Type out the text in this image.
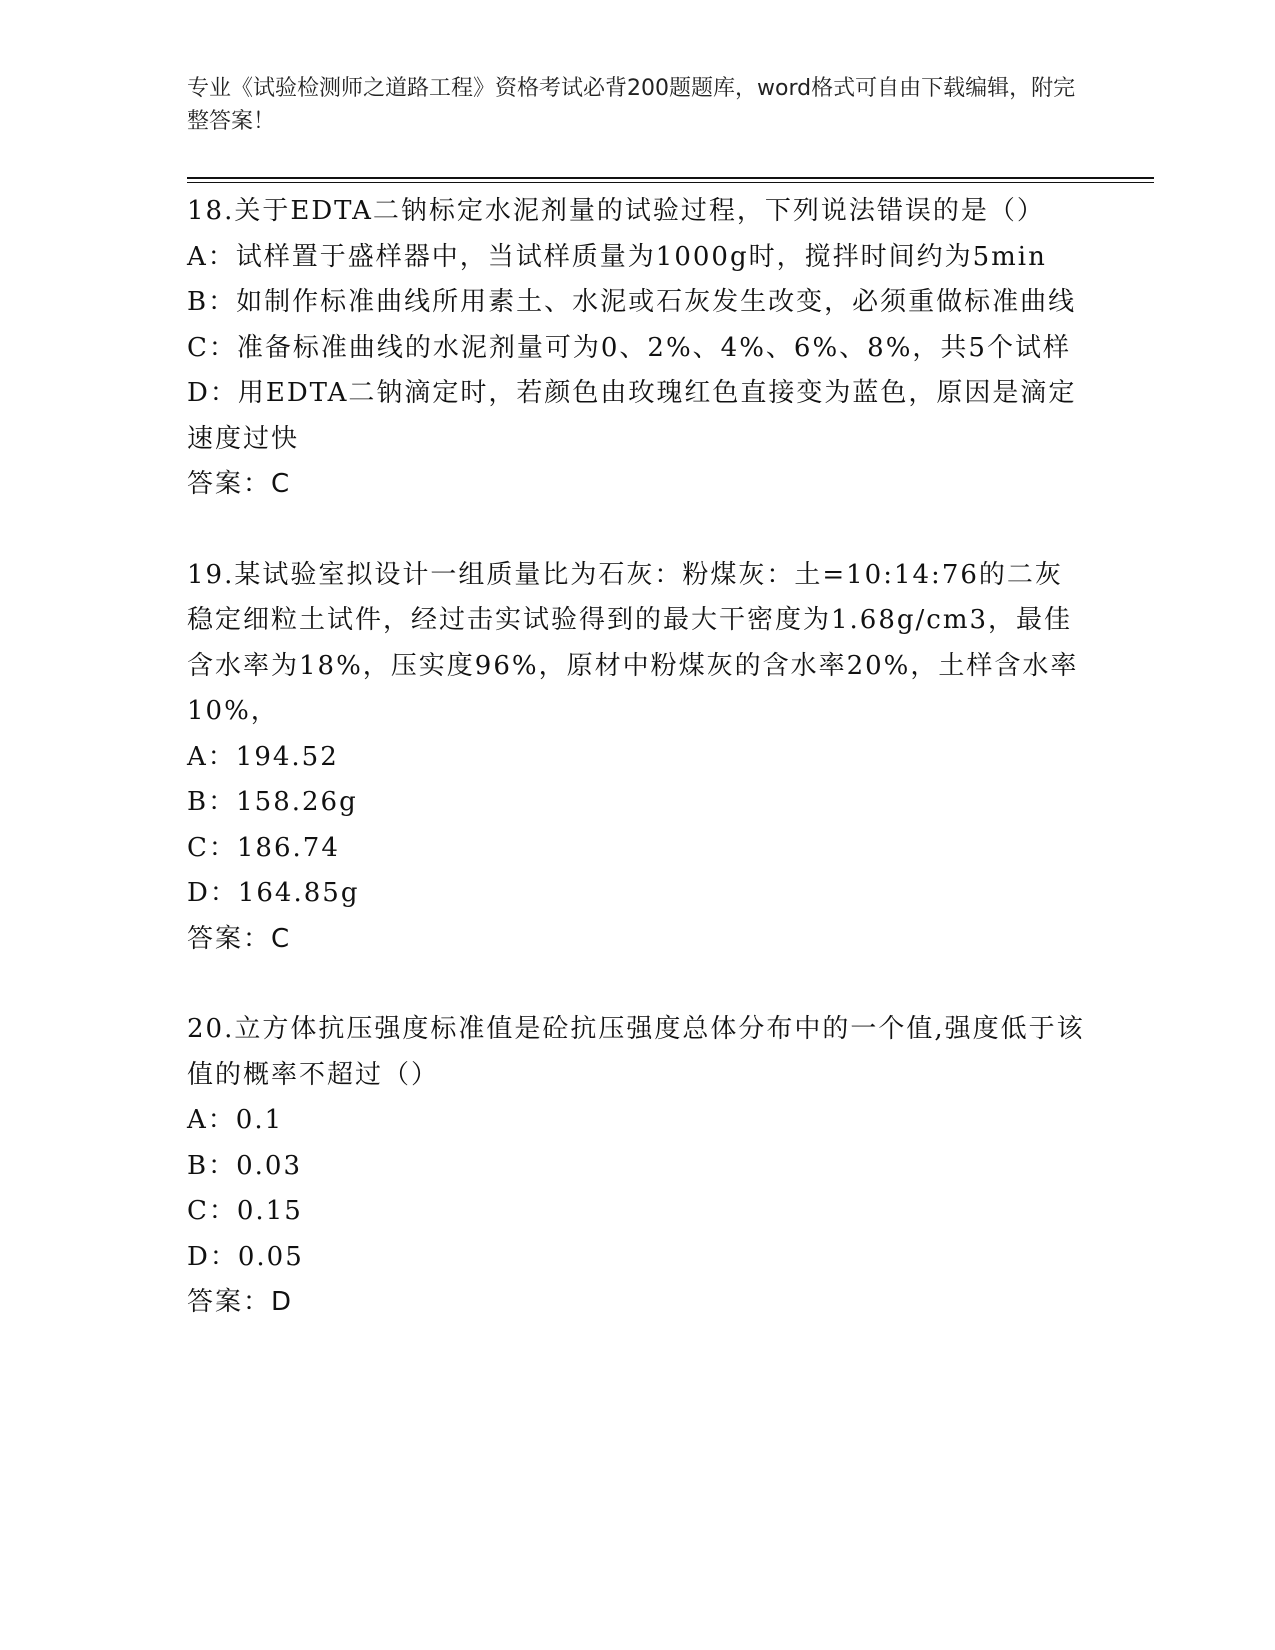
专业《试验检测师之道路工程》资格考试必背200题题库，word格式可自由下载编辑，附完整答案！

18.关于EDTA二钠标定水泥剂量的试验过程，下列说法错误的是（）

A：试样置于盛样器中，当试样质量为1000g时，搅拌时间约为5min

B：如制作标准曲线所用素土、水泥或石灰发生改变，必须重做标准曲线

C：准备标准曲线的水泥剂量可为0、2%、4%、6%、8%，共5个试样

D：用EDTA二钠滴定时，若颜色由玫瑰红色直接变为蓝色，原因是滴定速度过快

答案：C

19.某试验室拟设计一组质量比为石灰：粉煤灰：土=10:14:76的二灰稳定细粒土试件，经过击实试验得到的最大干密度为1.68g/cm3，最佳含水率为18%，压实度96%，原材中粉煤灰的含水率20%，土样含水率10%，

A：194.52

B：158.26g

C：186.74

D：164.85g

答案：C

20.立方体抗压强度标准值是砼抗压强度总体分布中的一个值,强度低于该值的概率不超过（）

A：0.1

B：0.03

C：0.15

D：0.05

答案：D
